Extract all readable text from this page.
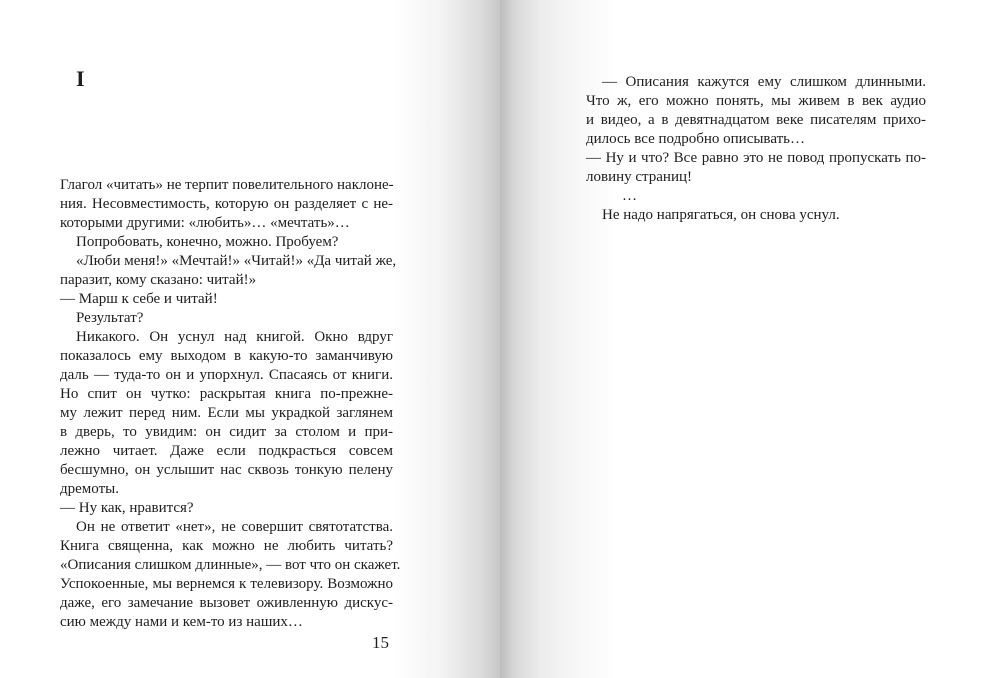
I
Глагол «читать» не терпит повелительного наклоне-
ния. Несовместимость, которую он разделяет с не-
которыми другими: «любить»… «мечтать»…
Попробовать, конечно, можно. Пробуем?
«Люби меня!» «Мечтай!» «Читай!» «Да читай же,
паразит, кому сказано: читай!»
— Марш к себе и читай!
Результат?
Никакого. Он уснул над книгой. Окно вдруг
показалось ему выходом в какую-то заманчивую
даль — туда-то он и упорхнул. Спасаясь от книги.
Но спит он чутко: раскрытая книга по-прежне-
му лежит перед ним. Если мы украдкой заглянем
в дверь, то увидим: он сидит за столом и при-
лежно читает. Даже если подкрасться совсем
бесшумно, он услышит нас сквозь тонкую пелену
дремоты.
— Ну как, нравится?
Он не ответит «нет», не совершит святотатства.
Книга священна, как можно не любить читать?
«Описания слишком длинные», — вот что он скажет.
Успокоенные, мы вернемся к телевизору. Возможно
даже, его замечание вызовет оживленную дискус-
сию между нами и кем-то из наших…
15
— Описания кажутся ему слишком длинными.
Что ж, его можно понять, мы живем в век аудио
и видео, а в девятнадцатом веке писателям прихо-
дилось все подробно описывать…
— Ну и что? Все равно это не повод пропускать по-
ловину страниц!
…
Не надо напрягаться, он снова уснул.
